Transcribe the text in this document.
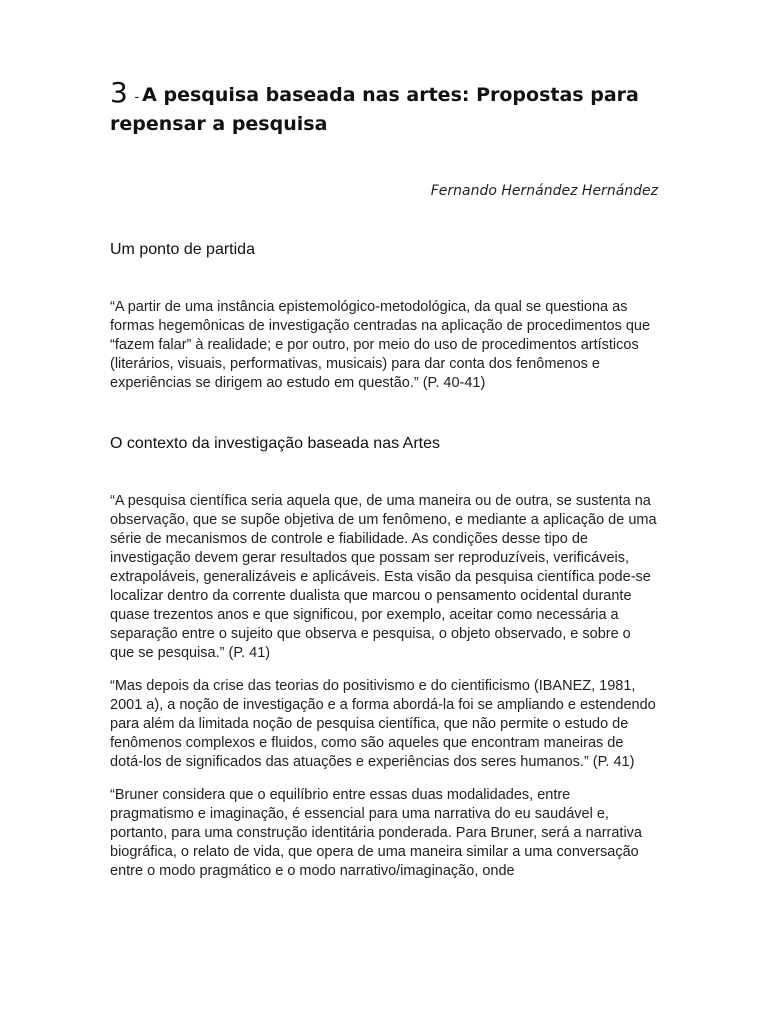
3 - A pesquisa baseada nas artes: Propostas para repensar a pesquisa

Fernando Hernández Hernández

Um ponto de partida

“A partir de uma instância epistemológico-metodológica, da qual se questiona as formas hegemônicas de investigação centradas na aplicação de procedimentos que “fazem falar” à realidade; e por outro, por meio do uso de procedimentos artísticos (literários, visuais, performativas, musicais) para dar conta dos fenômenos e experiências se dirigem ao estudo em questão.” (P. 40-41)

O contexto da investigação baseada nas Artes

“A pesquisa científica seria aquela que, de uma maneira ou de outra, se sustenta na observação, que se supõe objetiva de um fenômeno, e mediante a aplicação de uma série de mecanismos de controle e fiabilidade. As condições desse tipo de investigação devem gerar resultados que possam ser reproduzíveis, verificáveis, extrapoláveis, generalizáveis e aplicáveis. Esta visão da pesquisa científica pode-se localizar dentro da corrente dualista que marcou o pensamento ocidental durante quase trezentos anos e que significou, por exemplo, aceitar como necessária a separação entre o sujeito que observa e pesquisa, o objeto observado, e sobre o que se pesquisa.” (P. 41)

“Mas depois da crise das teorias do positivismo e do cientificismo (IBANEZ, 1981, 2001 a), a noção de investigação e a forma abordá-la foi se ampliando e estendendo para além da limitada noção de pesquisa científica, que não permite o estudo de fenômenos complexos e fluidos, como são aqueles que encontram maneiras de dotá-los de significados das atuações e experiências dos seres humanos.” (P. 41)

“Bruner considera que o equilíbrio entre essas duas modalidades, entre pragmatismo e imaginação, é essencial para uma narrativa do eu saudável e, portanto, para uma construção identitária ponderada. Para Bruner, será a narrativa biográfica, o relato de vida, que opera de uma maneira similar a uma conversação entre o modo pragmático e o modo narrativo/imaginação, onde
